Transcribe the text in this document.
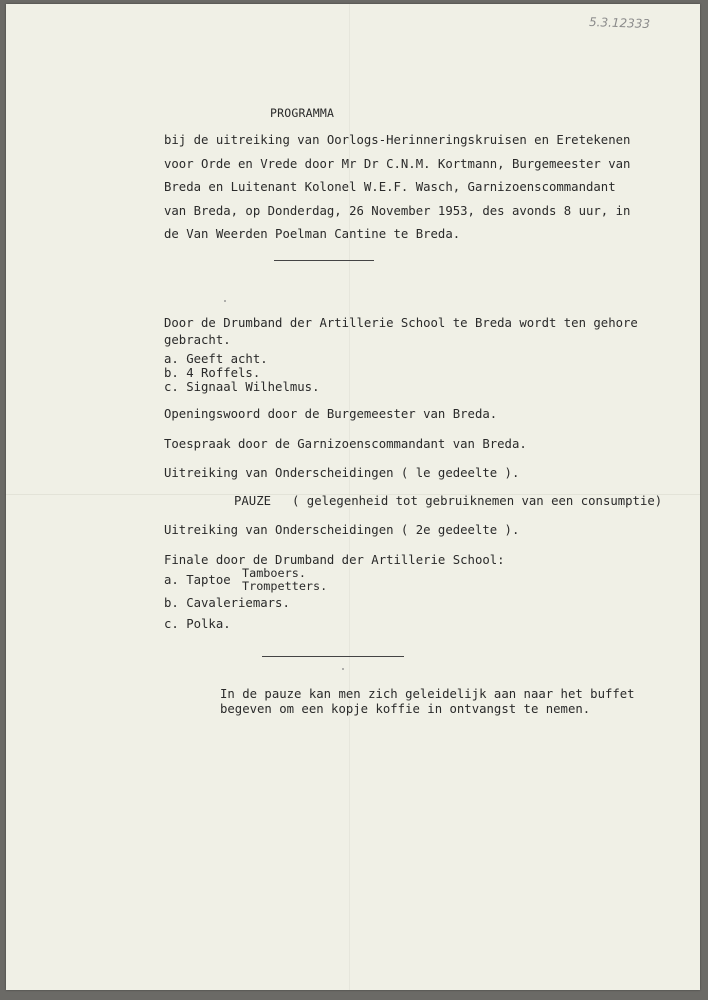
5.3.12333
PROGRAMMA
bij de uitreiking van Oorlogs-Herinneringskruisen en Eretekenen
voor Orde en Vrede door Mr Dr C.N.M. Kortmann, Burgemeester van
Breda en Luitenant Kolonel W.E.F. Wasch, Garnizoenscommandant
van Breda, op Donderdag, 26 November 1953, des avonds 8 uur, in
de Van Weerden Poelman Cantine te Breda.
Door de Drumband der Artillerie School te Breda wordt ten gehore
gebracht.
a. Geeft acht.
b. 4 Roffels.
c. Signaal Wilhelmus.
Openingswoord door de Burgemeester van Breda.
Toespraak door de Garnizoenscommandant van Breda.
Uitreiking van Onderscheidingen ( le gedeelte ).
PAUZE ( gelegenheid tot gebruiknemen van een consumptie)
Uitreiking van Onderscheidingen ( 2e gedeelte ).
Finale door de Drumband der Artillerie School:
a. Taptoe Tamboers.
Trompetters.
b. Cavaleriemars.
c. Polka.
In de pauze kan men zich geleidelijk aan naar het buffet
begeven om een kopje koffie in ontvangst te nemen.
